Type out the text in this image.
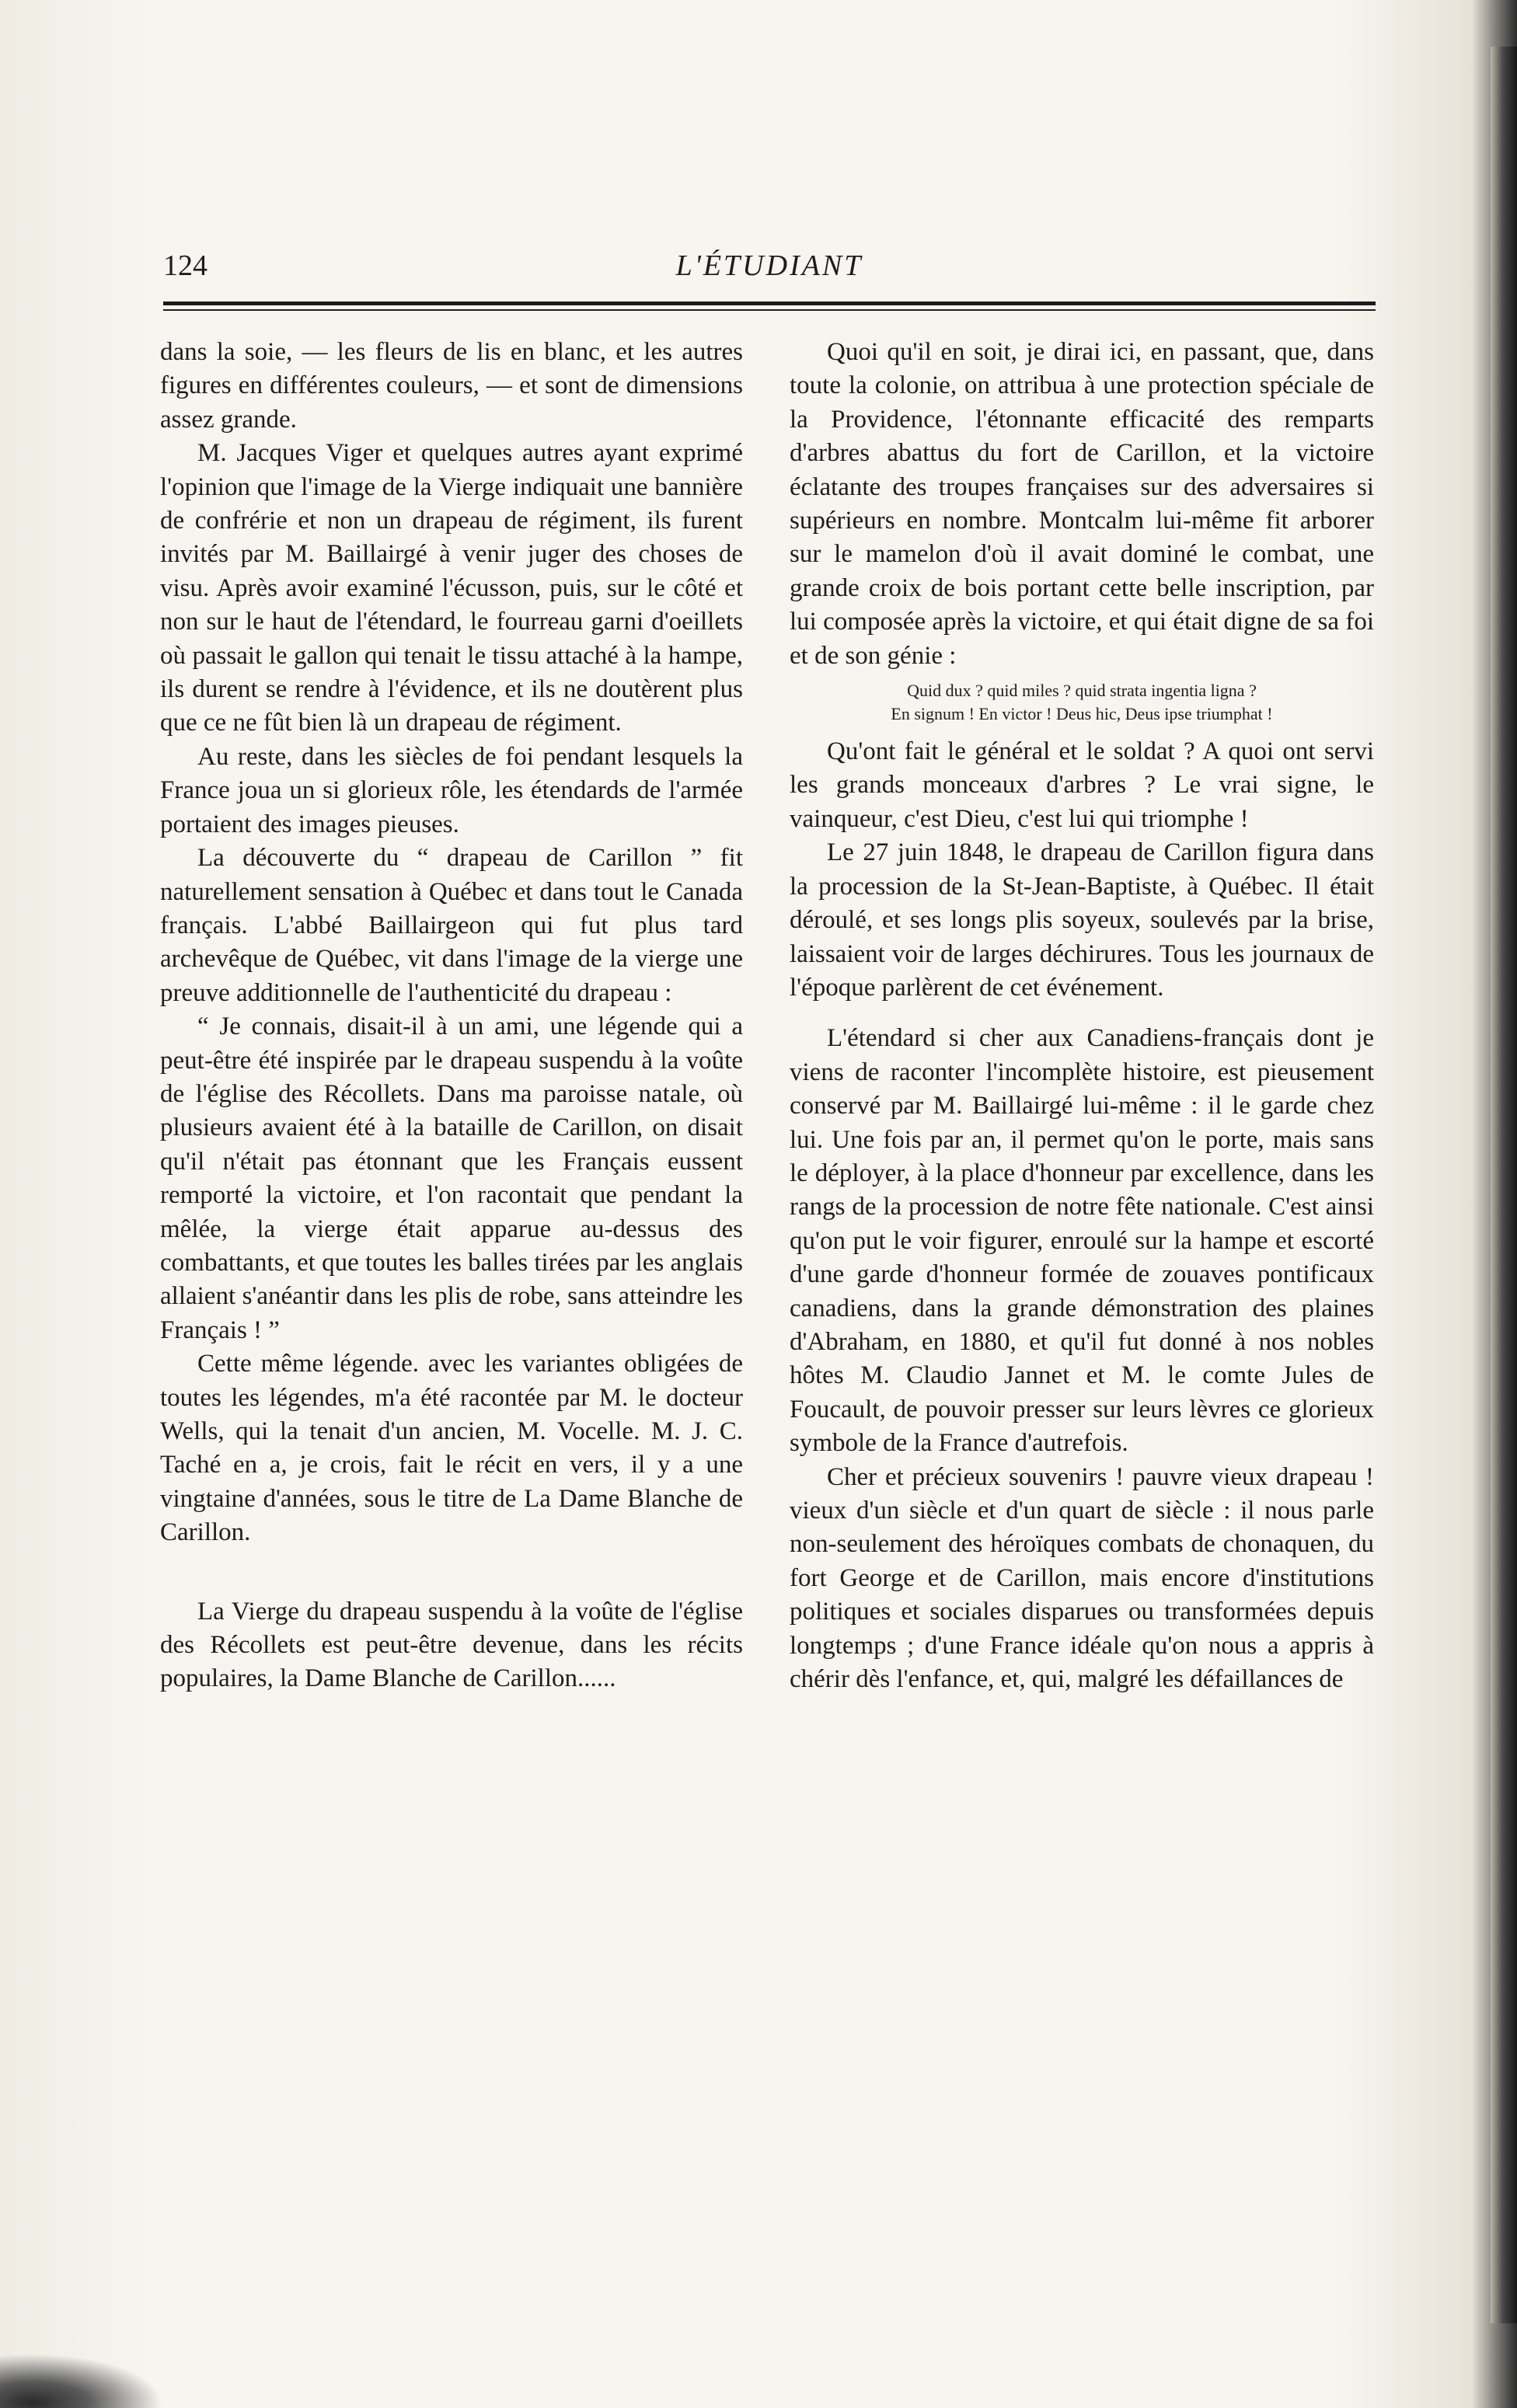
124	L'ÉTUDIANT

dans la soie, — les fleurs de lis en blanc, et les autres figures en différentes couleurs, — et sont de dimensions assez grande.

M. Jacques Viger et quelques autres ayant exprimé l'opinion que l'image de la Vierge indiquait une bannière de confrérie et non un drapeau de régiment, ils furent invités par M. Baillairgé à venir juger des choses de visu. Après avoir examiné l'écusson, puis, sur le côté et non sur le haut de l'étendard, le fourreau garni d'oeillets où passait le gallon qui tenait le tissu attaché à la hampe, ils durent se rendre à l'évidence, et ils ne doutèrent plus que ce ne fût bien là un drapeau de régiment.

Au reste, dans les siècles de foi pendant lesquels la France joua un si glorieux rôle, les étendards de l'armée portaient des images pieuses.

La découverte du “ drapeau de Carillon ” fit naturellement sensation à Québec et dans tout le Canada français. L'abbé Baillairgeon qui fut plus tard archevêque de Québec, vit dans l'image de la vierge une preuve additionnelle de l'authenticité du drapeau :

“ Je connais, disait-il à un ami, une légende qui a peut-être été inspirée par le drapeau suspendu à la voûte de l'église des Récollets. Dans ma paroisse natale, où plusieurs avaient été à la bataille de Carillon, on disait qu'il n'était pas étonnant que les Français eussent remporté la victoire, et l'on racontait que pendant la mêlée, la vierge était apparue au-dessus des combattants, et que toutes les balles tirées par les anglais allaient s'anéantir dans les plis de robe, sans atteindre les Français ! ”

Cette même légende. avec les variantes obligées de toutes les légendes, m'a été racontée par M. le docteur Wells, qui la tenait d'un ancien, M. Vocelle. M. J. C. Taché en a, je crois, fait le récit en vers, il y a une vingtaine d'années, sous le titre de La Dame Blanche de Carillon.

La Vierge du drapeau suspendu à la voûte de l'église des Récollets est peut-être devenue, dans les récits populaires, la Dame Blanche de Carillon......

Quoi qu'il en soit, je dirai ici, en passant, que, dans toute la colonie, on attribua à une protection spéciale de la Providence, l'étonnante efficacité des remparts d'arbres abattus du fort de Carillon, et la victoire éclatante des troupes françaises sur des adversaires si supérieurs en nombre. Montcalm lui-même fit arborer sur le mamelon d'où il avait dominé le combat, une grande croix de bois portant cette belle inscription, par lui composée après la victoire, et qui était digne de sa foi et de son génie :

Quid dux ? quid miles ? quid strata ingentia ligna ?
En signum ! En victor ! Deus hic, Deus ipse triumphat !

Qu'ont fait le général et le soldat ? A quoi ont servi les grands monceaux d'arbres ? Le vrai signe, le vainqueur, c'est Dieu, c'est lui qui triomphe !

Le 27 juin 1848, le drapeau de Carillon figura dans la procession de la St-Jean-Baptiste, à Québec. Il était déroulé, et ses longs plis soyeux, soulevés par la brise, laissaient voir de larges déchirures. Tous les journaux de l'époque parlèrent de cet événement.

L'étendard si cher aux Canadiens-français dont je viens de raconter l'incomplète histoire, est pieusement conservé par M. Baillairgé lui-même : il le garde chez lui. Une fois par an, il permet qu'on le porte, mais sans le déployer, à la place d'honneur par excellence, dans les rangs de la procession de notre fête nationale. C'est ainsi qu'on put le voir figurer, enroulé sur la hampe et escorté d'une garde d'honneur formée de zouaves pontificaux canadiens, dans la grande démonstration des plaines d'Abraham, en 1880, et qu'il fut donné à nos nobles hôtes M. Claudio Jannet et M. le comte Jules de Foucault, de pouvoir presser sur leurs lèvres ce glorieux symbole de la France d'autrefois.

Cher et précieux souvenirs ! pauvre vieux drapeau ! vieux d'un siècle et d'un quart de siècle : il nous parle non-seulement des héroïques combats de chonaquen, du fort George et de Carillon, mais encore d'institutions politiques et sociales disparues ou transformées depuis longtemps ; d'une France idéale qu'on nous a appris à chérir dès l'enfance, et, qui, malgré les défaillances de
